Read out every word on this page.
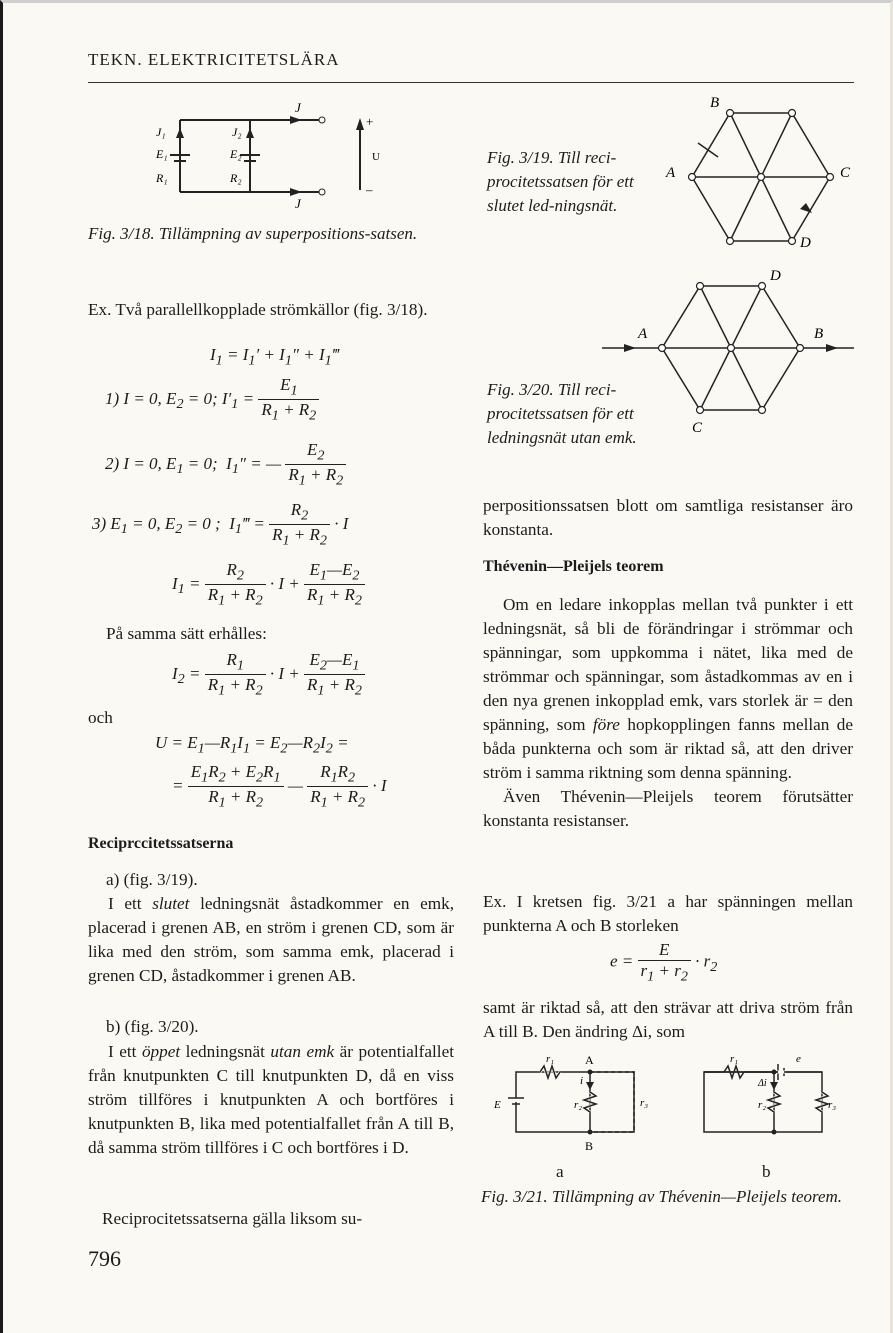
TEKN. ELEKTRICITETSLÄRA
J
J
J₁
E₁
R₁
J₂
E₂
R₂
+
U
–
Fig. 3/18. Tillämpning av superpositions-satsen.
Ex. Två parallellkopplade strömkällor (fig. 3/18).
$I_1 = I_1' + I_1''$ + $I_1‴$
1) I = 0, $E_2 = 0$; $I'_1 = \frac{E_1}{R_1 + R_2}$
2) I = 0, $E_1 = 0$;  $I_1''$ = — $\frac{E_2}{R_1 + R_2}$
3) $E_1 = 0$, $E_2 = 0$ ;  $I_1‴ = \frac{R_2}{R_1 + R_2} \cdot I$
$I_1 = \frac{R_2}{R_1 + R_2} \cdot I + \frac{E_1—E_2}{R_1 + R_2}$
På samma sätt erhålles:
$I_2 = \frac{R_1}{R_1 + R_2} \cdot I + \frac{E_2—E_1}{R_1 + R_2}$
och
$U = E_1—R_1I_1$ = $E_2—R_2I_2$ =
= $\frac{E_1R_2 + E_2R_1}{R_1 + R_2}$ — $\frac{R_1R_2}{R_1 + R_2} \cdot I$
Reciprccitetssatserna
a) (fig. 3/19).

I ett slutet ledningsnät åstadkommer en emk, placerad i grenen AB, en ström i grenen CD, som är lika med den ström, som samma emk, placerad i grenen CD, åstadkommer i grenen AB.

b) (fig. 3/20).

I ett öppet ledningsnät utan emk är potentialfallet från knutpunkten C till knutpunkten D, då en viss ström tillföres i knutpunkten A och bortföres i knutpunkten B, lika med potentialfallet från A till B, då samma ström tillföres i C och bortföres i D.

Reciprocitetssatserna gälla liksom su-
796
Fig. 3/19. Till reci-procitetssatsen för ett slutet led-ningsnät.
B
A	C
D
D
A	B
C
Fig. 3/20. Till reci-procitetssatsen för ett ledningsnät utan emk.
perpositionssatsen blott om samtliga resistanser äro konstanta.
Thévenin—Pleijels teorem

Om en ledare inkopplas mellan två punkter i ett ledningsnät, så bli de förändringar i strömmar och spänningar, som uppkomma i nätet, lika med de strömmar och spänningar, som åstadkommas av en i den nya grenen inkopplad emk, vars storlek är = den spänning, som före hopkopplingen fanns mellan de båda punkterna och som är riktad så, att den driver ström i samma riktning som denna spänning.

Även Thévenin—Pleijels teorem förutsätter konstanta resistanser.

Ex. I kretsen fig. 3/21 a har spänningen mellan punkterna A och B storleken
$e = \frac{E}{r_1 + r_2} \cdot r_2$
samt är riktad så, att den strävar att driva ström från A till B. Den ändring Δi, som
r₁	A
B
i
r₂	r₃
E
r₁	e
Δi
r₂	r₃
a	b
Fig. 3/21. Tillämpning av Thévenin—Pleijels teorem.
